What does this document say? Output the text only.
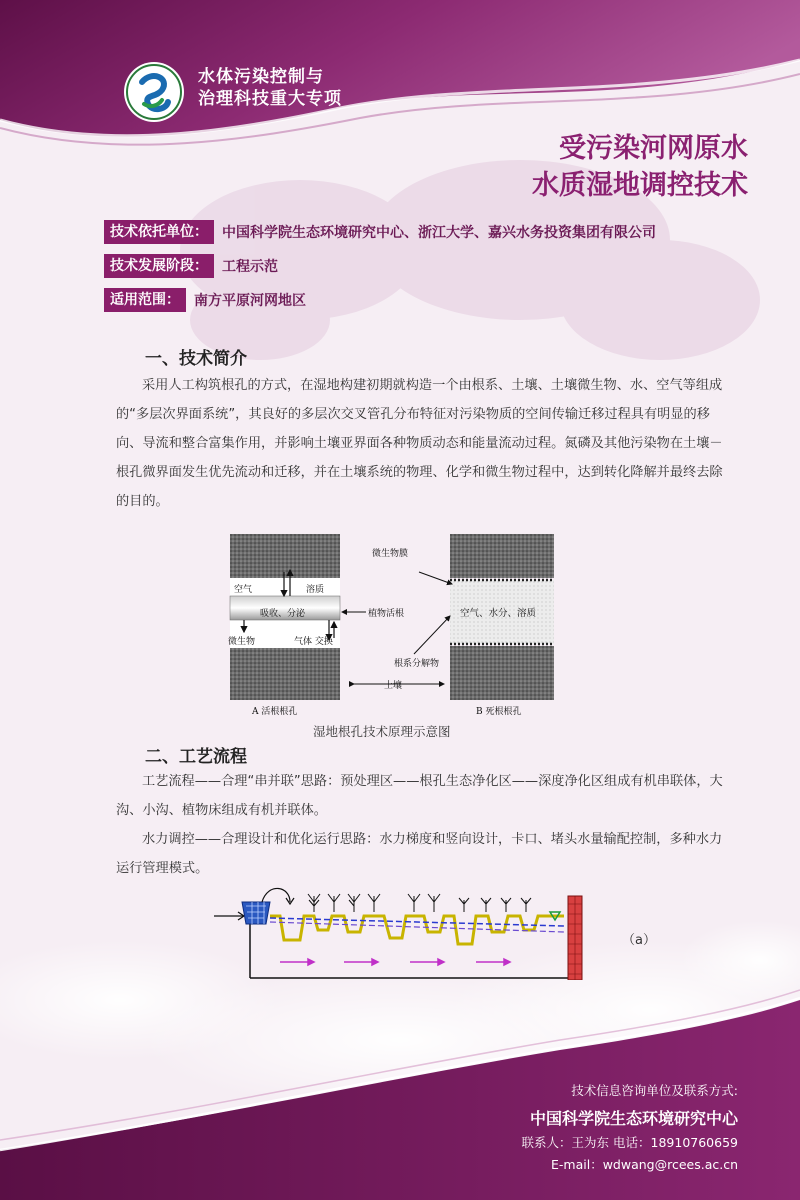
水体污染控制与
治理科技重大专项
受污染河网原水
水质湿地调控技术
技术依托单位：	中国科学院生态环境研究中心、浙江大学、嘉兴水务投资集团有限公司
技术发展阶段：	工程示范
适用范围：	南方平原河网地区
一、技术简介
采用人工构筑根孔的方式，在湿地构建初期就构造一个由根系、土壤、土壤微生物、水、空气等组成的“多层次界面系统”，其良好的多层次交叉管孔分布特征对污染物质的空间传输迁移过程具有明显的移向、导流和整合富集作用，并影响土壤亚界面各种物质动态和能量流动过程。氮磷及其他污染物在土壤－根孔微界面发生优先流动和迁移，并在土壤系统的物理、化学和微生物过程中，达到转化降解并最终去除的目的。
空气	溶质
吸收、分泌
微生物	气体 交换
微生物膜
植物活根
根系分解物
土壤
空气、水分、溶质
A 活根根孔	B 死根根孔
湿地根孔技术原理示意图
二、工艺流程
工艺流程——合理“串并联”思路：预处理区——根孔生态净化区——深度净化区组成有机串联体，大沟、小沟、植物床组成有机并联体。
水力调控——合理设计和优化运行思路：水力梯度和竖向设计，卡口、堵头水量输配控制，多种水力运行管理模式。
（a）
技术信息咨询单位及联系方式:
中国科学院生态环境研究中心
联系人：王为东 电话：18910760659
E-mail：wdwang@rcees.ac.cn
